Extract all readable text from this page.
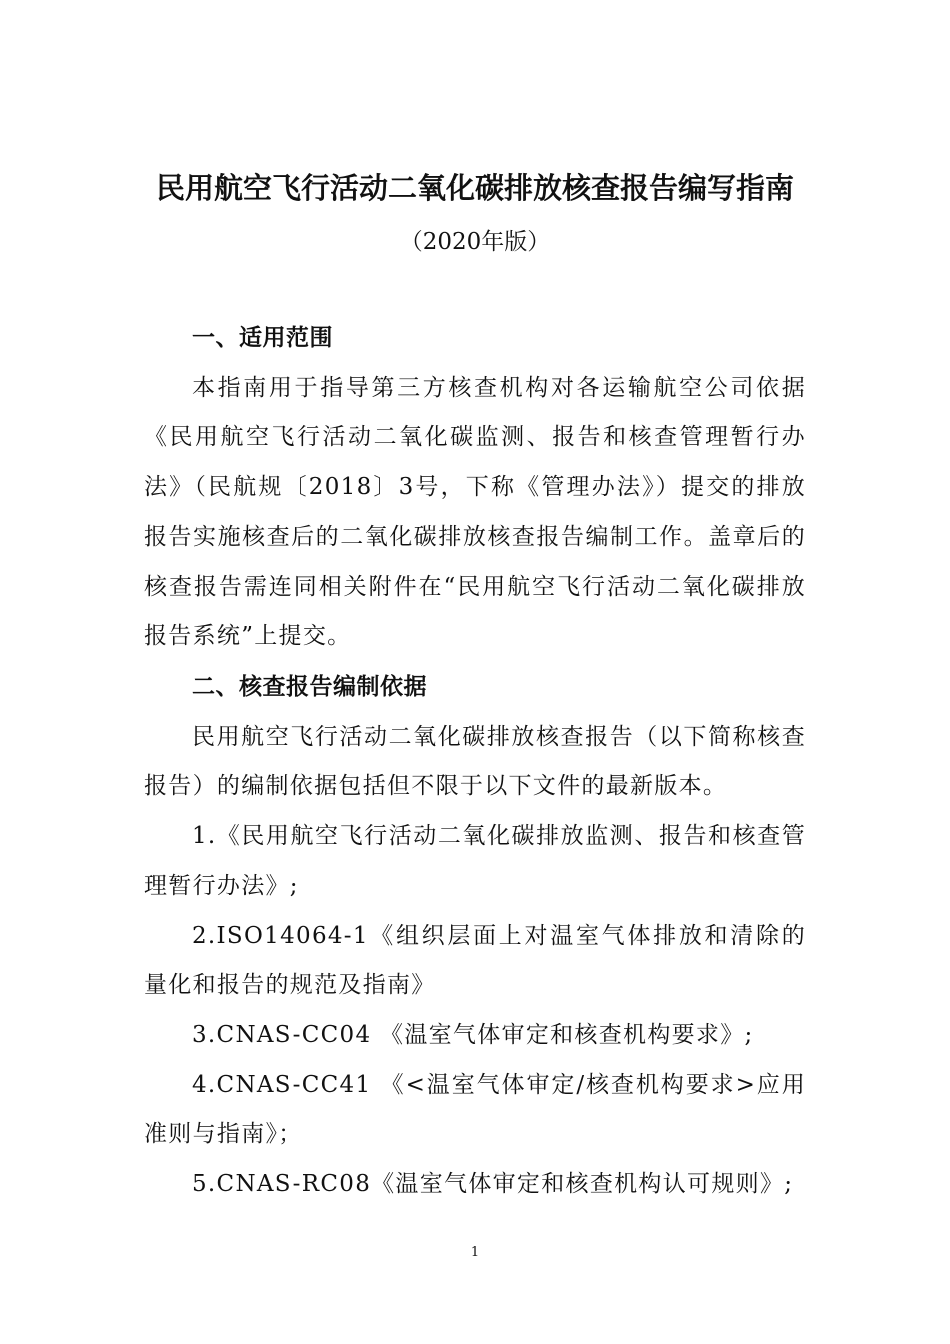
民用航空飞行活动二氧化碳排放核查报告编写指南
（2020年版）

一、适用范围

本指南用于指导第三方核查机构对各运输航空公司依据《民用航空飞行活动二氧化碳监测、报告和核查管理暂行办法》（民航规〔2018〕3号，下称《管理办法》）提交的排放报告实施核查后的二氧化碳排放核查报告编制工作。盖章后的核查报告需连同相关附件在“民用航空飞行活动二氧化碳排放报告系统”上提交。

二、核查报告编制依据

民用航空飞行活动二氧化碳排放核查报告（以下简称核查报告）的编制依据包括但不限于以下文件的最新版本。

1.《民用航空飞行活动二氧化碳排放监测、报告和核查管理暂行办法》;

2.ISO14064-1《组织层面上对温室气体排放和清除的量化和报告的规范及指南》

3.CNAS-CC04 《温室气体审定和核查机构要求》;

4.CNAS-CC41 《<温室气体审定/核查机构要求>应用准则与指南》；

5.CNAS-RC08《温室气体审定和核查机构认可规则》;

1
